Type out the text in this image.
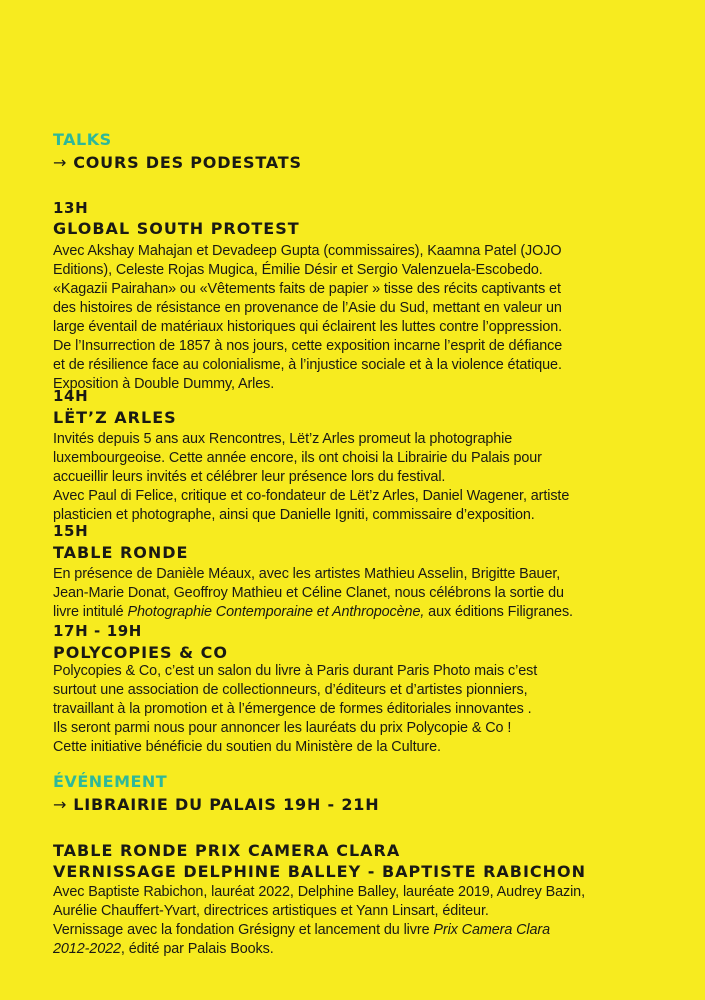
TALKS
→ COURS DES PODESTATS
13H
GLOBAL SOUTH PROTEST

Avec Akshay Mahajan et Devadeep Gupta (commissaires), Kaamna Patel (JOJO

Editions), Celeste Rojas Mugica, Émilie Désir et Sergio Valenzuela-Escobedo.

«Kagazii Pairahan» ou «Vêtements faits de papier » tisse des récits captivants et

des histoires de résistance en provenance de l’Asie du Sud, mettant en valeur un

large éventail de matériaux historiques qui éclairent les luttes contre l’oppression.

De l’Insurrection de 1857 à nos jours, cette exposition incarne l’esprit de défiance

et de résilience face au colonialisme, à l’injustice sociale et à la violence étatique.

Exposition à Double Dummy, Arles.

14H
LËT’Z ARLES

Invités depuis 5 ans aux Rencontres, Lët’z Arles promeut la photographie

luxembourgeoise. Cette année encore, ils ont choisi la Librairie du Palais pour

accueillir leurs invités et célébrer leur présence lors du festival.

Avec Paul di Felice, critique et co-fondateur de Lët’z Arles, Daniel Wagener, artiste

plasticien et photographe, ainsi que Danielle Igniti, commissaire d’exposition.

15H
TABLE RONDE

En présence de Danièle Méaux, avec les artistes Mathieu Asselin, Brigitte Bauer,

Jean-Marie Donat, Geoffroy Mathieu et Céline Clanet, nous célébrons la sortie du

livre intitulé Photographie Contemporaine et Anthropocène, aux éditions Filigranes.

17H - 19H
POLYCOPIES & CO

Polycopies & Co, c’est un salon du livre à Paris durant Paris Photo mais c’est

surtout une association de collectionneurs, d’éditeurs et d’artistes pionniers,

travaillant à la promotion et à l’émergence de formes éditoriales innovantes .

Ils seront parmi nous pour annoncer les lauréats du prix Polycopie & Co !

Cette initiative bénéficie du soutien du Ministère de la Culture.

ÉVÉNEMENT
→ LIBRAIRIE DU PALAIS 19H - 21H
TABLE RONDE PRIX CAMERA CLARA
VERNISSAGE DELPHINE BALLEY - BAPTISTE RABICHON

Avec Baptiste Rabichon, lauréat 2022, Delphine Balley, lauréate 2019, Audrey Bazin,

Aurélie Chauffert-Yvart, directrices artistiques et Yann Linsart, éditeur.

Vernissage avec la fondation Grésigny et lancement du livre Prix Camera Clara

2012-2022, édité par Palais Books.
